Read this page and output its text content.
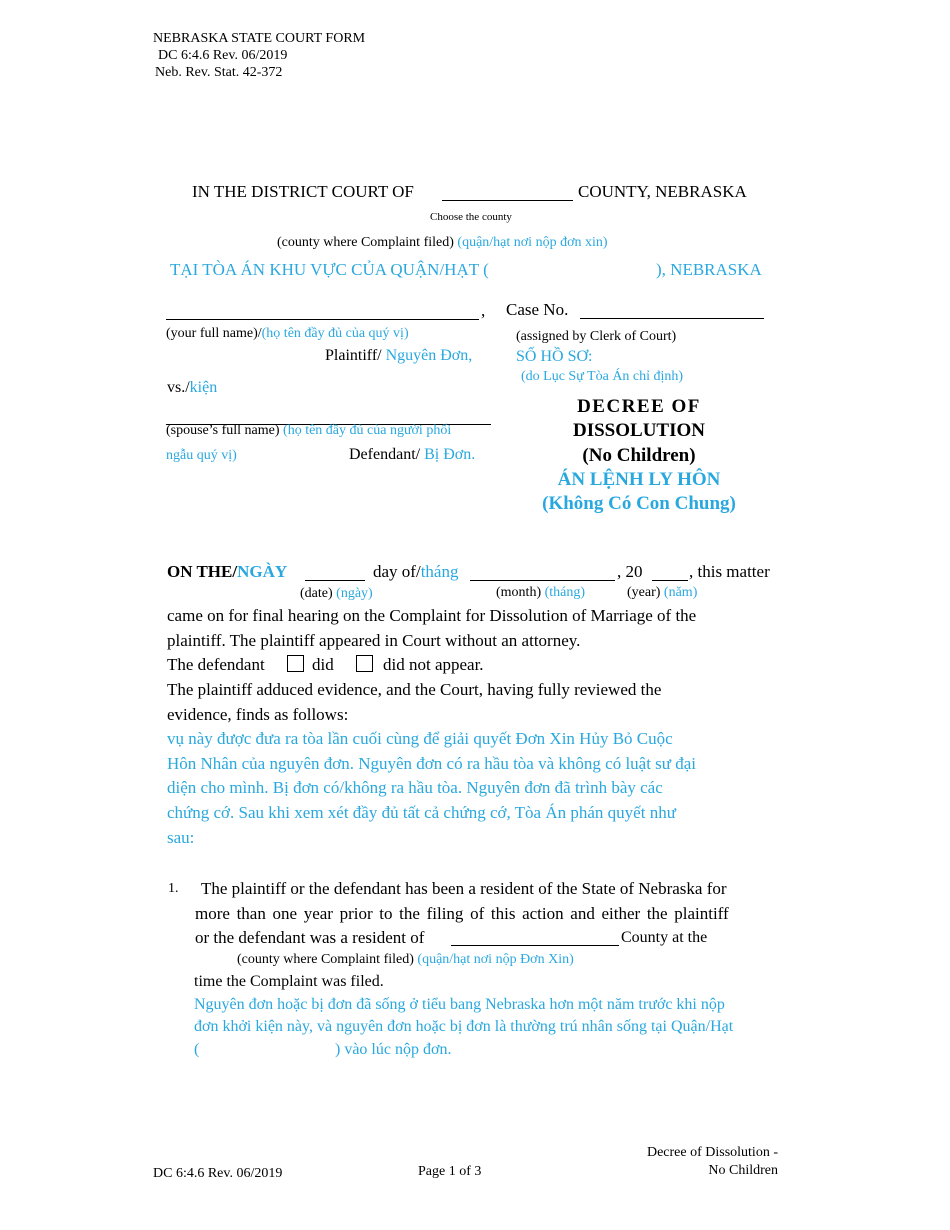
NEBRASKA STATE COURT FORM
DC 6:4.6 Rev. 06/2019
Neb. Rev. Stat. 42-372
IN THE DISTRICT COURT OF	COUNTY, NEBRASKA
Choose the county
(county where Complaint filed) (quận/hạt nơi nộp đơn xin)
TẠI TÒA ÁN KHU VỰC CỦA QUẬN/HẠT (	), NEBRASKA
,
(your full name)/(họ tên đầy đủ của quý vị)
Plaintiff/ Nguyên Đơn,
vs./kiện
(spouse’s full name) (họ tên đầy đủ của người phối
ngẫu quý vị)	Defendant/ Bị Đơn.
Case No.
(assigned by Clerk of Court)
SỐ HỒ SƠ:
(do Lục Sự Tòa Án chỉ định)
DECREE OF
DISSOLUTION
(No Children)
ÁN LỆNH LY HÔN
(Không Có Con Chung)
ON THE/NGÀY	day of/tháng	, 20	, this matter
(date) (ngày)	(month) (tháng)	(year) (năm)
came on for final hearing on the Complaint for Dissolution of Marriage of the
plaintiff. The plaintiff appeared in Court without an attorney.
The defendant	did	did not appear.
The plaintiff adduced evidence, and the Court, having fully reviewed the
evidence, finds as follows:
vụ này được đưa ra tòa lần cuối cùng để giải quyết Đơn Xin Hủy Bỏ Cuộc
Hôn Nhân của nguyên đơn. Nguyên đơn có ra hầu tòa và không có luật sư đại
diện cho mình. Bị đơn có/không ra hầu tòa. Nguyên đơn đã trình bày các
chứng cớ. Sau khi xem xét đầy đủ tất cả chứng cớ, Tòa Án phán quyết như
sau:
1. The plaintiff or the defendant has been a resident of the State of Nebraska for
more than one year prior to the filing of this action and either the plaintiff
or the defendant was a resident of	County at the
(county where Complaint filed) (quận/hạt nơi nộp Đơn Xin)
time the Complaint was filed.
Nguyên đơn hoặc bị đơn đã sống ở tiểu bang Nebraska hơn một năm trước khi nộp
đơn khởi kiện này, và nguyên đơn hoặc bị đơn là thường trú nhân sống tại Quận/Hạt
(	) vào lúc nộp đơn.
DC 6:4.6 Rev. 06/2019	Page 1 of 3
Decree of Dissolution -
No Children
